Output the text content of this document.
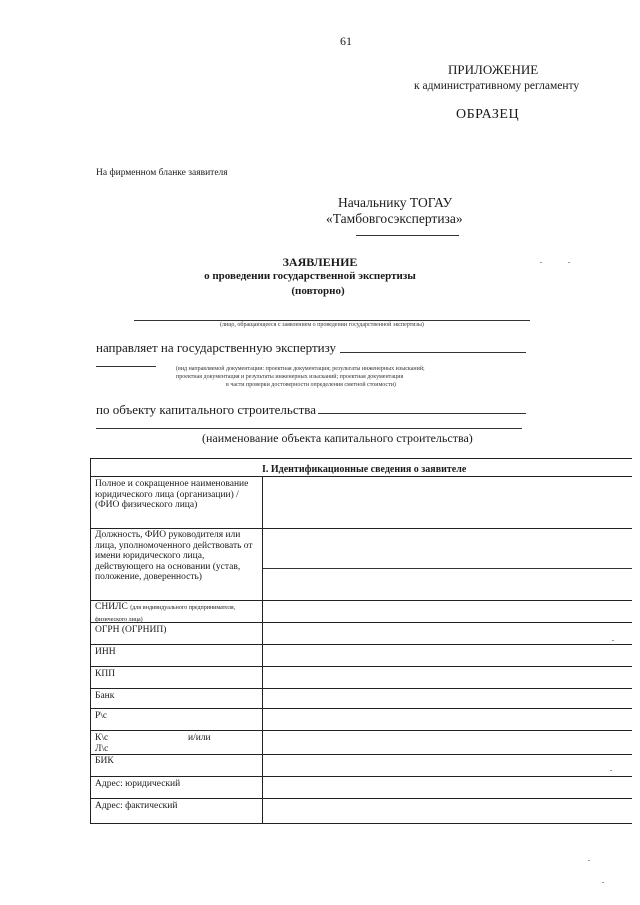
61
ПРИЛОЖЕНИЕ
к административному регламенту
ОБРАЗЕЦ
На фирменном бланке заявителя
Начальнику ТОГАУ
«Тамбовгосэкспертиза»
ЗАЯВЛЕНИЕ
о проведении государственной экспертизы
(повторно)
(лицо, обращающееся с заявлением о проведении государственной экспертизы)
направляет на государственную экспертизу
(вид направляемой документации: проектная документация; результаты инженерных изысканий;
проектная документация и результаты инженерных изысканий; проектная документация
в части проверки достоверности определения сметной стоимости)
по объекту капитального строительства
(наименование объекта капитального строительства)
I. Идентификационные сведения о заявителе
Полное и сокращенное наименование юридического лица (организации) / (ФИО физического лица)
Должность, ФИО руководителя или лица, уполномоченного действовать от имени юридического лица, действующего на основании (устав, положение, доверенность)
СНИЛС (для индивидуального предпринимателя, физического лица)
ОГРН (ОГРНИП)
ИНН
КПП
Банк
Р\с
К\с	и/или
Л\с
БИК
Адрес: юридический
Адрес: фактический
